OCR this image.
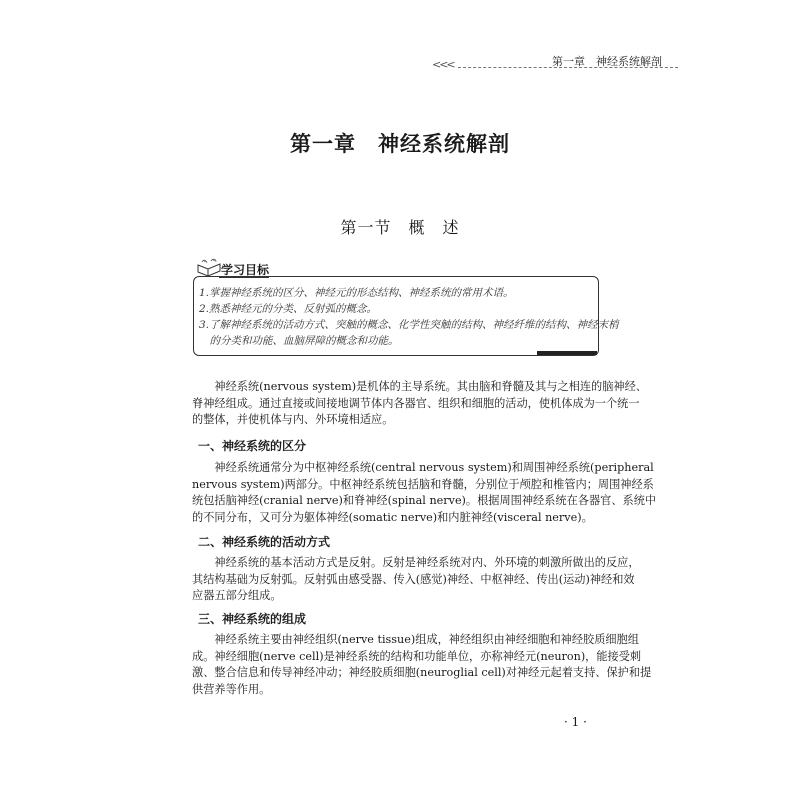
<<<	第一章　神经系统解剖
第一章　神经系统解剖
第一节　概　述
学习目标
1.掌握神经系统的区分、神经元的形态结构、神经系统的常用术语。
2.熟悉神经元的分类、反射弧的概念。
3.了解神经系统的活动方式、突触的概念、化学性突触的结构、神经纤维的结构、神经末梢
　的分类和功能、血脑屏障的概念和功能。
　　神经系统(nervous system)是机体的主导系统。其由脑和脊髓及其与之相连的脑神经、
脊神经组成。通过直接或间接地调节体内各器官、组织和细胞的活动，使机体成为一个统一
的整体，并使机体与内、外环境相适应。
一、神经系统的区分
　　神经系统通常分为中枢神经系统(central nervous system)和周围神经系统(peripheral
nervous system)两部分。中枢神经系统包括脑和脊髓，分别位于颅腔和椎管内；周围神经系
统包括脑神经(cranial nerve)和脊神经(spinal nerve)。根据周围神经系统在各器官、系统中
的不同分布，又可分为躯体神经(somatic nerve)和内脏神经(visceral nerve)。
二、神经系统的活动方式
　　神经系统的基本活动方式是反射。反射是神经系统对内、外环境的刺激所做出的反应，
其结构基础为反射弧。反射弧由感受器、传入(感觉)神经、中枢神经、传出(运动)神经和效
应器五部分组成。
三、神经系统的组成
　　神经系统主要由神经组织(nerve tissue)组成，神经组织由神经细胞和神经胶质细胞组
成。神经细胞(nerve cell)是神经系统的结构和功能单位，亦称神经元(neuron)，能接受刺
激、整合信息和传导神经冲动；神经胶质细胞(neuroglial cell)对神经元起着支持、保护和提
供营养等作用。
· 1 ·
